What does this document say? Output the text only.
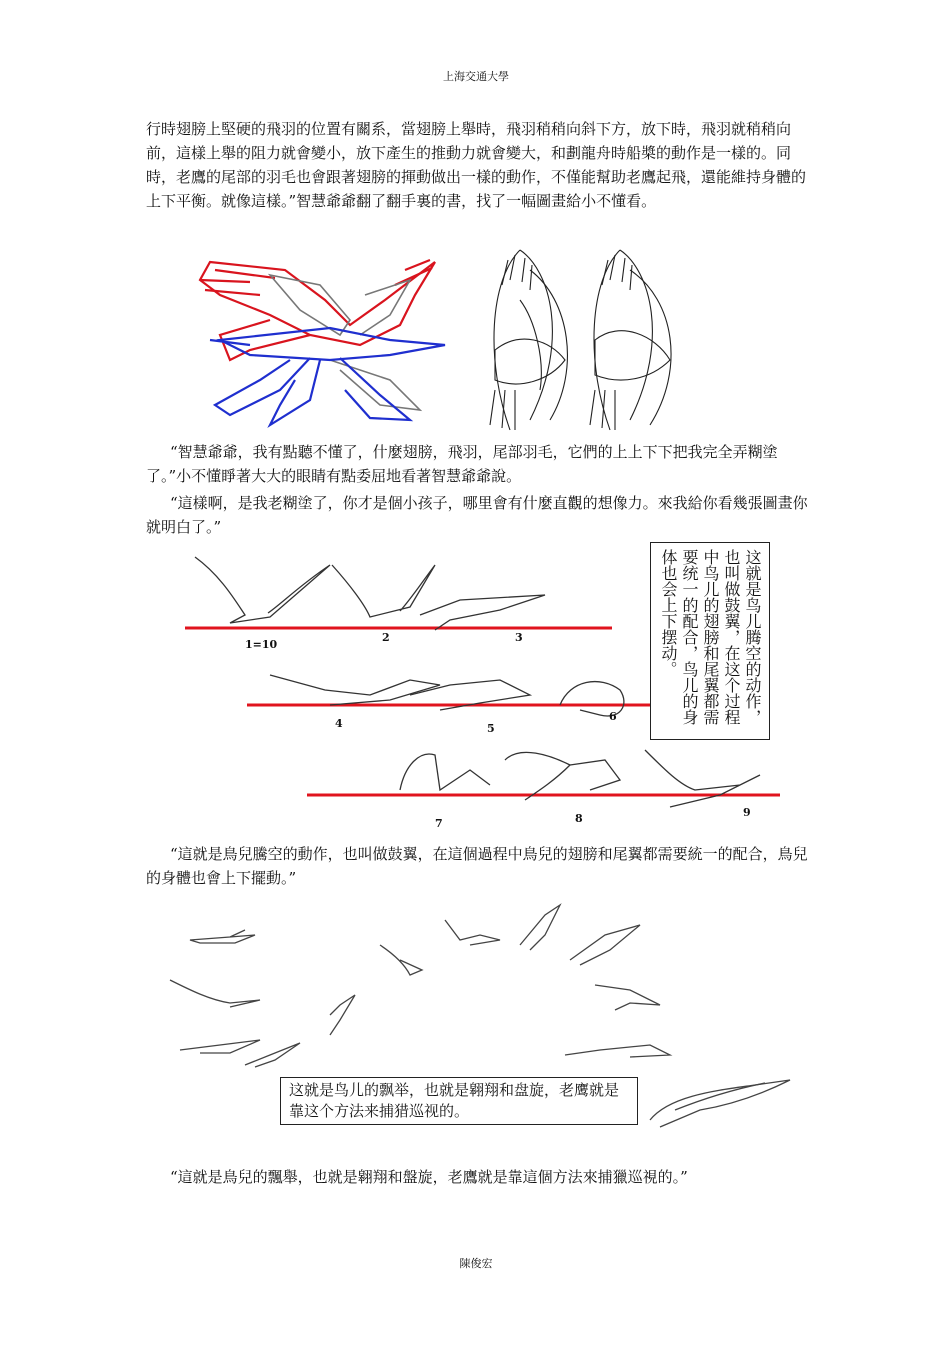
上海交通大學

行時翅膀上堅硬的飛羽的位置有關系，當翅膀上舉時，飛羽稍稍向斜下方，放下時，飛羽就稍稍向前，這樣上舉的阻力就會變小，放下產生的推動力就會變大，和劃龍舟時船槳的動作是一樣的。同時，老鷹的尾部的羽毛也會跟著翅膀的揮動做出一樣的動作，不僅能幫助老鷹起飛，還能維持身體的上下平衡。就像這樣。”智慧爺爺翻了翻手裏的書，找了一幅圖畫給小不懂看。

“智慧爺爺，我有點聽不懂了，什麼翅膀，飛羽，尾部羽毛，它們的上上下下把我完全弄糊塗了。”小不懂睜著大大的眼睛有點委屈地看著智慧爺爺說。

“這樣啊，是我老糊塗了，你才是個小孩子，哪里會有什麼直觀的想像力。來我給你看幾張圖畫你就明白了。”

1=10
2	3
4	5
6
7	8	9
这就是鸟儿腾空的动作，也叫做鼓翼，在这个过程中鸟儿的翅膀和尾翼都需要统一的配合，鸟儿的身体也会上下摆动。

“這就是鳥兒騰空的動作，也叫做鼓翼，在這個過程中鳥兒的翅膀和尾翼都需要統一的配合，鳥兒的身體也會上下擺動。”

这就是鸟儿的飘举，也就是翱翔和盘旋，老鹰就是靠这个方法来捕猎巡视的。

“這就是鳥兒的飄舉，也就是翱翔和盤旋，老鷹就是靠這個方法來捕獵巡視的。”

陳俊宏
